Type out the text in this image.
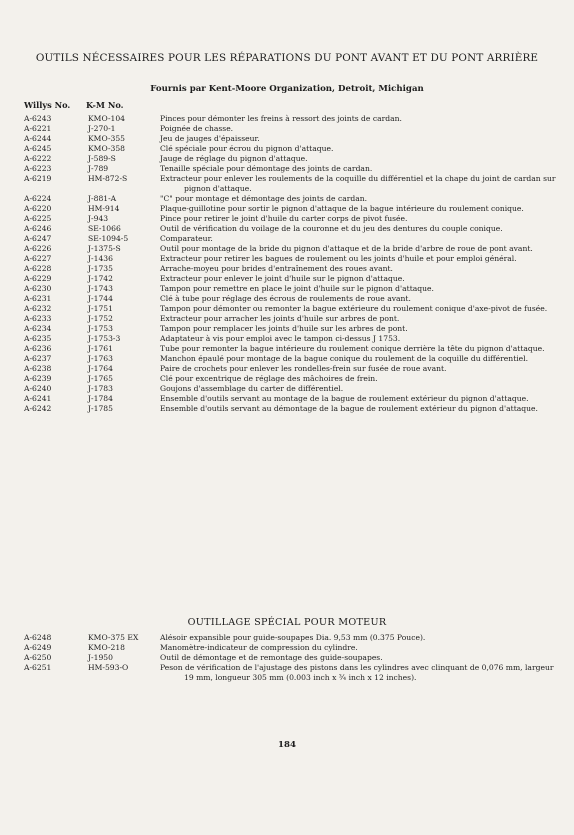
OUTILS NÉCESSAIRES POUR LES RÉPARATIONS DU PONT AVANT ET DU PONT ARRIÈRE
Fournis par Kent-Moore Organization, Detroit, Michigan
Willys No. K-M No.
A-6243	KMO-104	Pinces pour démonter les freins à ressort des joints de cardan.
A-6221	J-270-1	Poignée de chasse.
A-6244	KMO-355	Jeu de jauges d'épaisseur.
A-6245	KMO-358	Clé spéciale pour écrou du pignon d'attaque.
A-6222	J-589-S	Jauge de réglage du pignon d'attaque.
A-6223	J-789	Tenaille spéciale pour démontage des joints de cardan.
A-6219	HM-872-S	Extracteur pour enlever les roulements de la coquille du différentiel et la chape du joint de cardan sur pignon d'attaque.
A-6224	J-881-A	"C" pour montage et démontage des joints de cardan.
A-6220	HM-914	Plaque-guillotine pour sortir le pignon d'attaque de la bague intérieure du roulement conique.
A-6225	J-943	Pince pour retirer le joint d'huile du carter corps de pivot fusée.
A-6246	SE-1066	Outil de vérification du voilage de la couronne et du jeu des dentures du couple conique.
A-6247	SE-1094-5	Comparateur.
A-6226	J-1375-S	Outil pour montage de la bride du pignon d'attaque et de la bride d'arbre de roue de pont avant.
A-6227	J-1436	Extracteur pour retirer les bagues de roulement ou les joints d'huile et pour emploi général.
A-6228	J-1735	Arrache-moyeu pour brides d'entraînement des roues avant.
A-6229	J-1742	Extracteur pour enlever le joint d'huile sur le pignon d'attaque.
A-6230	J-1743	Tampon pour remettre en place le joint d'huile sur le pignon d'attaque.
A-6231	J-1744	Clé à tube pour réglage des écrous de roulements de roue avant.
A-6232	J-1751	Tampon pour démonter ou remonter la bague extérieure du roulement conique d'axe-pivot de fusée.
A-6233	J-1752	Extracteur pour arracher les joints d'huile sur arbres de pont.
A-6234	J-1753	Tampon pour remplacer les joints d'huile sur les arbres de pont.
A-6235	J-1753-3	Adaptateur à vis pour emploi avec le tampon ci-dessus J 1753.
A-6236	J-1761	Tube pour remonter la bague intérieure du roulement conique derrière la tête du pignon d'attaque.
A-6237	J-1763	Manchon épaulé pour montage de la bague conique du roulement de la coquille du différentiel.
A-6238	J-1764	Paire de crochets pour enlever les rondelles-frein sur fusée de roue avant.
A-6239	J-1765	Clé pour excentrique de réglage des mâchoires de frein.
A-6240	J-1783	Goujons d'assemblage du carter de différentiel.
A-6241	J-1784	Ensemble d'outils servant au montage de la bague de roulement extérieur du pignon d'attaque.
A-6242	J-1785	Ensemble d'outils servant au démontage de la bague de roulement extérieur du pignon d'attaque.
OUTILLAGE SPÉCIAL POUR MOTEUR
A-6248	KMO-375 EX	Alésoir expansible pour guide-soupapes Dia. 9,53 mm (0.375 Pouce).
A-6249	KMO-218	Manomètre-indicateur de compression du cylindre.
A-6250	J-1950	Outil de démontage et de remontage des guide-soupapes.
A-6251	HM-593-O	Peson de vérification de l'ajustage des pistons dans les cylindres avec clinquant de 0,076 mm, largeur 19 mm, longueur 305 mm (0.003 inch x ¾ inch x 12 inches).
184
